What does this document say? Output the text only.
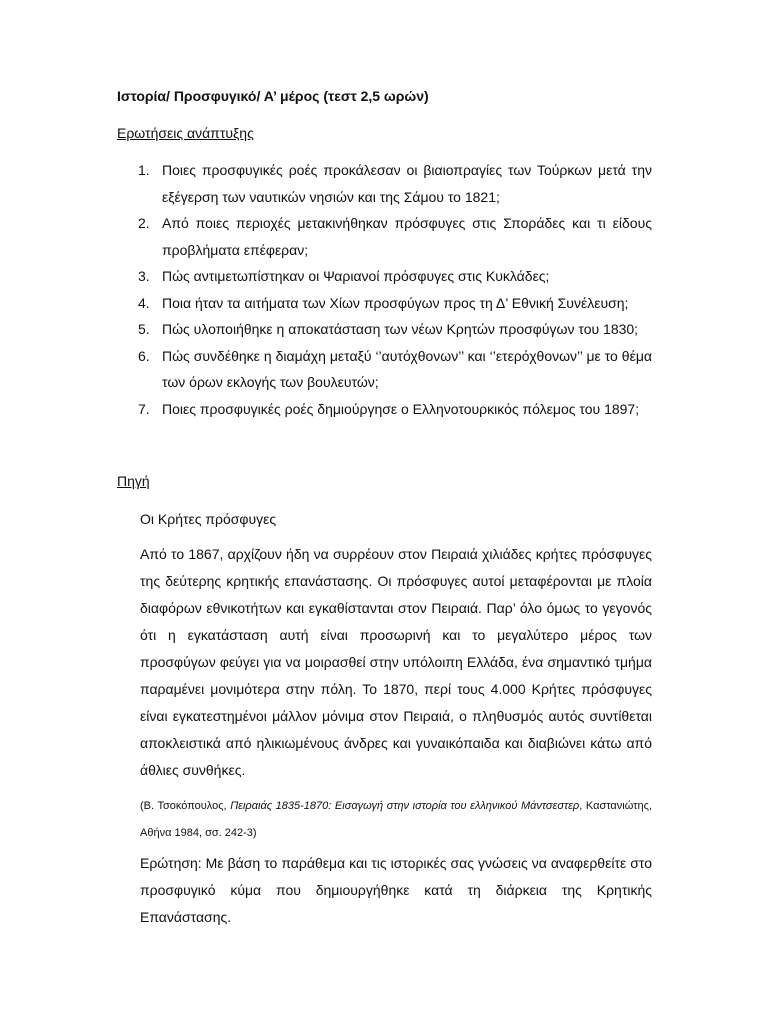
Ιστορία/ Προσφυγικό/ Α’ μέρος (τεστ 2,5 ωρών)
Ερωτήσεις ανάπτυξης
1. Ποιες προσφυγικές ροές προκάλεσαν οι βιαιοπραγίες των Τούρκων μετά την εξέγερση των ναυτικών νησιών και της Σάμου το 1821;
2. Από ποιες περιοχές μετακινήθηκαν πρόσφυγες στις Σποράδες και τι είδους προβλήματα επέφεραν;
3. Πώς αντιμετωπίστηκαν οι Ψαριανοί πρόσφυγες στις Κυκλάδες;
4. Ποια ήταν τα αιτήματα των Χίων προσφύγων προς τη Δ’ Εθνική Συνέλευση;
5. Πώς υλοποιήθηκε η αποκατάσταση των νέων Κρητών προσφύγων του 1830;
6. Πώς συνδέθηκε η διαμάχη μεταξύ ‘’αυτόχθονων’’ και ‘’ετερόχθονων’’ με το θέμα των όρων εκλογής των βουλευτών;
7. Ποιες προσφυγικές ροές δημιούργησε ο Ελληνοτουρκικός πόλεμος του 1897;
Πηγή
Οι Κρήτες πρόσφυγες

Από το 1867, αρχίζουν ήδη να συρρέουν στον Πειραιά χιλιάδες κρήτες πρόσφυγες της δεύτερης κρητικής επανάστασης. Οι πρόσφυγες αυτοί μεταφέρονται με πλοία διαφόρων εθνικοτήτων και εγκαθίστανται στον Πειραιά. Παρ’ όλο όμως το γεγονός ότι η εγκατάσταση αυτή είναι προσωρινή και το μεγαλύτερο μέρος των προσφύγων φεύγει για να μοιρασθεί στην υπόλοιπη Ελλάδα, ένα σημαντικό τμήμα παραμένει μονιμότερα στην πόλη. Το 1870, περί τους 4.000 Κρήτες πρόσφυγες είναι εγκατεστημένοι μάλλον μόνιμα στον Πειραιά, ο πληθυσμός αυτός συντίθεται αποκλειστικά από ηλικιωμένους άνδρες και γυναικόπαιδα και διαβιώνει κάτω από άθλιες συνθήκες.

(Β. Τσοκόπουλος, Πειραιάς 1835-1870: Εισαγωγή στην ιστορία του ελληνικού Μάντσεστερ, Καστανιώτης, Αθήνα 1984, σσ. 242-3)

Ερώτηση: Με βάση το παράθεμα και τις ιστορικές σας γνώσεις να αναφερθείτε στο προσφυγικό κύμα που δημιουργήθηκε κατά τη διάρκεια της Κρητικής Επανάστασης.
